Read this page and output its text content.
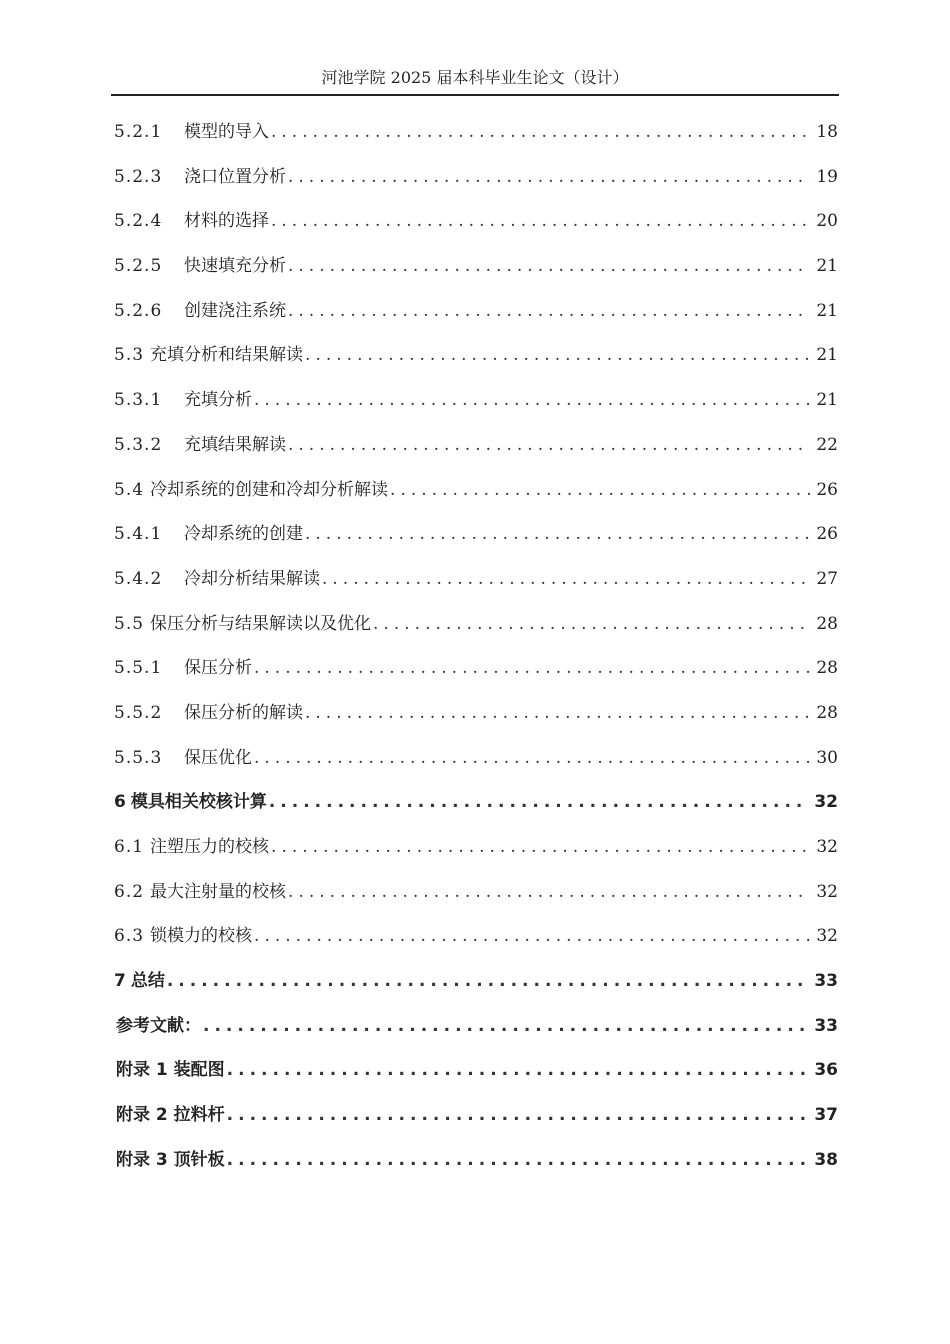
河池学院 2025 届本科毕业生论文（设计）
5.2.1	模型的导入 .....	18
5.2.3	浇口位置分析 .....	19
5.2.4	材料的选择 .....	20
5.2.5	快速填充分析 .....	21
5.2.6	创建浇注系统 .....	21
5.3 充填分析和结果解读 .....	21
5.3.1	充填分析 .....	21
5.3.2	充填结果解读 .....	22
5.4 冷却系统的创建和冷却分析解读 .....	26
5.4.1	冷却系统的创建 .....	26
5.4.2	冷却分析结果解读 .....	27
5.5 保压分析与结果解读以及优化 .....	28
5.5.1	保压分析 .....	28
5.5.2	保压分析的解读 .....	28
5.5.3	保压优化 .....	30
6 模具相关校核计算 .....	32
6.1 注塑压力的校核 .....	32
6.2 最大注射量的校核 .....	32
6.3 锁模力的校核 .....	32
7 总结 .....	33
参考文献： .....	33
附录 1 装配图 .....	36
附录 2 拉料杆 .....	37
附录 3 顶针板 .....	38
